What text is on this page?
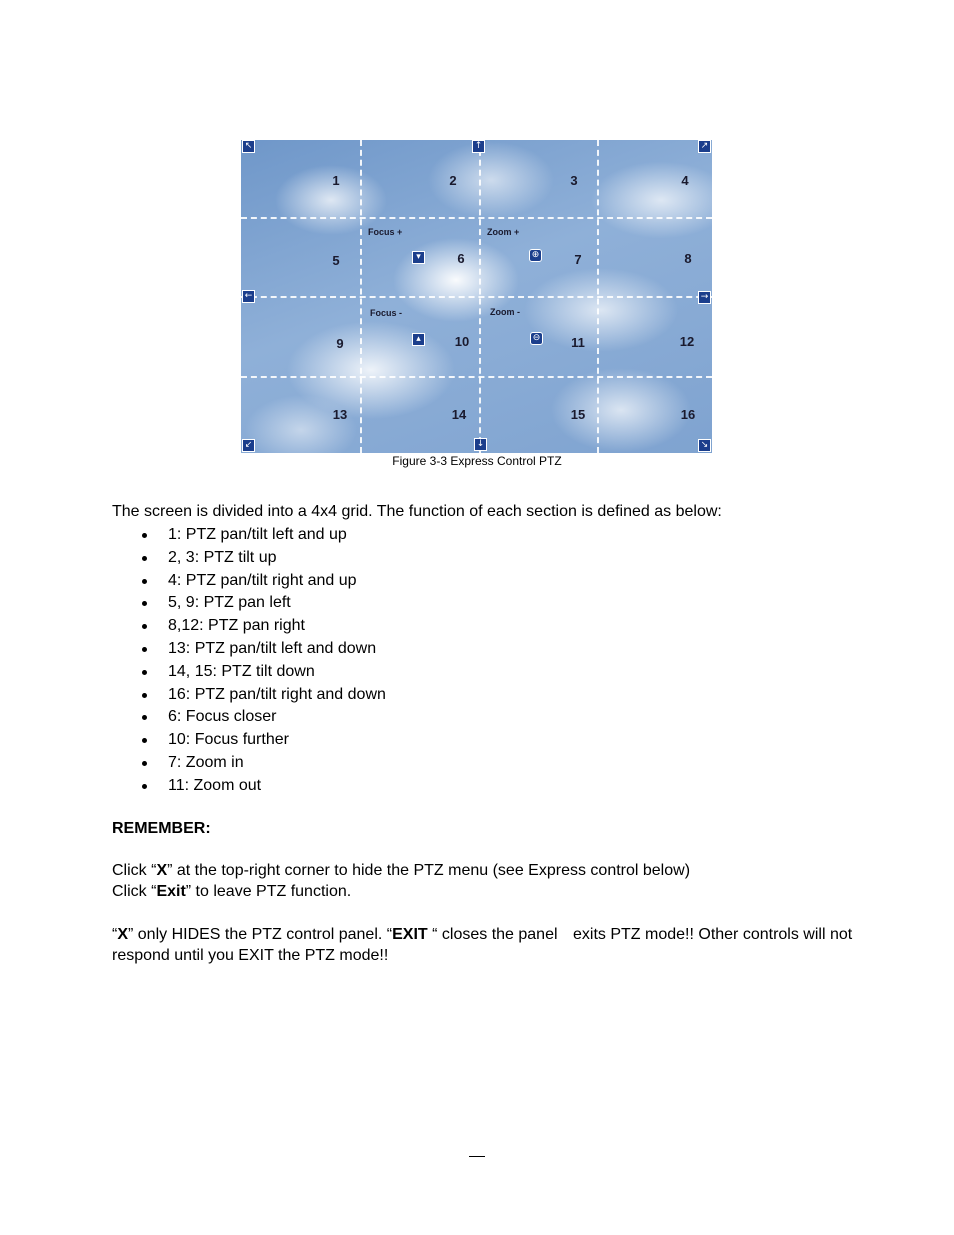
1	2	3	4
5	6	7	8
9	10	11	12
13	14	15	16
Focus +	Zoom +
Focus -	Zoom -
↖	↑	↗
←	→
↙	↓	↘
▾	⊕
▴	⊖
Figure 3-3 Express Control PTZ
The screen is divided into a 4x4 grid. The function of each section is defined as below:
1: PTZ pan/tilt left and up
2, 3: PTZ tilt up
4: PTZ pan/tilt right and up
5, 9: PTZ pan left
8,12: PTZ pan right
13: PTZ pan/tilt left and down
14, 15: PTZ tilt down
16: PTZ pan/tilt right and down
6: Focus closer
10: Focus further
7: Zoom in
11: Zoom out
REMEMBER:
Click “X” at the top-right corner to hide the PTZ menu (see Express control below)
Click “Exit” to leave PTZ function.
“X” only HIDES the PTZ control panel. “EXIT “ closes the panel exits PTZ mode!! Other controls will not
respond until you EXIT the PTZ mode!!
